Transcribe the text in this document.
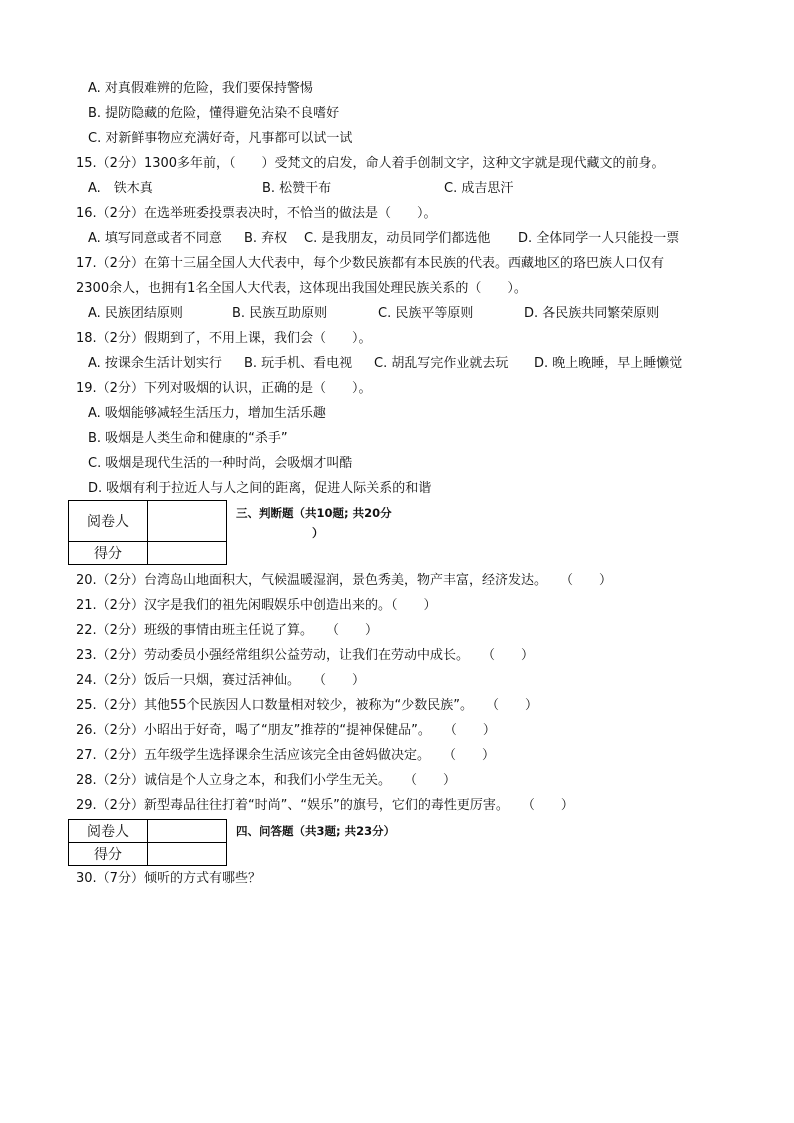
A. 对真假难辨的危险，我们要保持警惕
B. 提防隐藏的危险，懂得避免沾染不良嗜好
C. 对新鲜事物应充满好奇，凡事都可以试一试
15.（2分）1300多年前，（　　）受梵文的启发，命人着手创制文字，这种文字就是现代藏文的前身。
A.　铁木真	B. 松赞干布	C. 成吉思汗
16.（2分）在选举班委投票表决时，不恰当的做法是（　　）。
A. 填写同意或者不同意 B. 弃权 C. 是我朋友，动员同学们都选他 D. 全体同学一人只能投一票
17.（2分）在第十三届全国人大代表中，每个少数民族都有本民族的代表。西藏地区的珞巴族人口仅有
2300余人，也拥有1名全国人大代表，这体现出我国处理民族关系的（　　）。
A. 民族团结原则	B. 民族互助原则	C. 民族平等原则	D. 各民族共同繁荣原则
18.（2分）假期到了，不用上课，我们会（　　）。
A. 按课余生活计划实行 B. 玩手机、看电视 C. 胡乱写完作业就去玩 D. 晚上晚睡，早上睡懒觉
19.（2分）下列对吸烟的认识，正确的是（　　）。
A. 吸烟能够减轻生活压力，增加生活乐趣
B. 吸烟是人类生命和健康的“杀手”
C. 吸烟是现代生活的一种时尚，会吸烟才叫酷
D. 吸烟有利于拉近人与人之间的距离，促进人际关系的和谐
阅卷人	
得分	
三、判断题（共10题; 共20分
）
20.（2分）台湾岛山地面积大，气候温暖湿润，景色秀美，物产丰富，经济发达。　　（　　）
21.（2分）汉字是我们的祖先闲暇娱乐中创造出来的。（　　）
22.（2分）班级的事情由班主任说了算。　　（　　）
23.（2分）劳动委员小强经常组织公益劳动，让我们在劳动中成长。　　（　　）
24.（2分）饭后一只烟，赛过活神仙。　　（　　）
25.（2分）其他55个民族因人口数量相对较少，被称为“少数民族”。　　（　　）
26.（2分）小昭出于好奇，喝了“朋友”推荐的“提神保健品”。　　（　　）
27.（2分）五年级学生选择课余生活应该完全由爸妈做决定。　　（　　）
28.（2分）诚信是个人立身之本，和我们小学生无关。　　（　　）
29.（2分）新型毒品往往打着“时尚”、“娱乐”的旗号，它们的毒性更厉害。　　（　　）
阅卷人	
得分	
四、问答题（共3题; 共23分）
30.（7分）倾听的方式有哪些？
